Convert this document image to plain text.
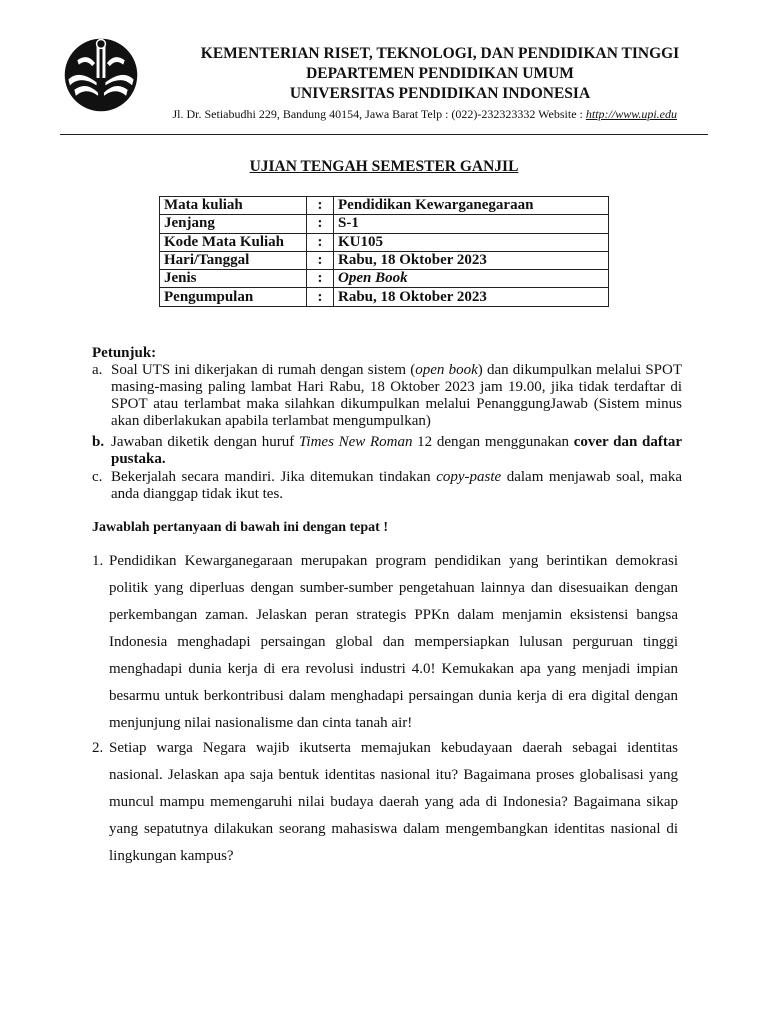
KEMENTERIAN RISET, TEKNOLOGI, DAN PENDIDIKAN TINGGI
DEPARTEMEN PENDIDIKAN UMUM
UNIVERSITAS PENDIDIKAN INDONESIA
Jl. Dr. Setiabudhi 229, Bandung 40154, Jawa Barat Telp : (022)-232323332 Website : http://www.upi.edu
UJIAN TENGAH SEMESTER GANJIL
Mata kuliah	:	Pendidikan Kewarganegaraan
Jenjang	:	S-1
Kode Mata Kuliah	:	KU105
Hari/Tanggal	:	Rabu, 18 Oktober 2023
Jenis	:	Open Book
Pengumpulan	:	Rabu, 18 Oktober 2023
Petunjuk:
a. Soal UTS ini dikerjakan di rumah dengan sistem (open book) dan dikumpulkan melalui SPOT masing-masing paling lambat Hari Rabu, 18 Oktober 2023 jam 19.00, jika tidak terdaftar di SPOT atau terlambat maka silahkan dikumpulkan melalui PenanggungJawab (Sistem minus akan diberlakukan apabila terlambat mengumpulkan)
b. Jawaban diketik dengan huruf Times New Roman 12 dengan menggunakan cover dan daftar pustaka.
c. Bekerjalah secara mandiri. Jika ditemukan tindakan copy-paste dalam menjawab soal, maka anda dianggap tidak ikut tes.
Jawablah pertanyaan di bawah ini dengan tepat !
1. Pendidikan Kewarganegaraan merupakan program pendidikan yang berintikan demokrasi politik yang diperluas dengan sumber-sumber pengetahuan lainnya dan disesuaikan dengan perkembangan zaman. Jelaskan peran strategis PPKn dalam menjamin eksistensi bangsa Indonesia menghadapi persaingan global dan mempersiapkan lulusan perguruan tinggi menghadapi dunia kerja di era revolusi industri 4.0! Kemukakan apa yang menjadi impian besarmu untuk berkontribusi dalam menghadapi persaingan dunia kerja di era digital dengan menjunjung nilai nasionalisme dan cinta tanah air!
2. Setiap warga Negara wajib ikutserta memajukan kebudayaan daerah sebagai identitas nasional. Jelaskan apa saja bentuk identitas nasional itu? Bagaimana proses globalisasi yang muncul mampu memengaruhi nilai budaya daerah yang ada di Indonesia? Bagaimana sikap yang sepatutnya dilakukan seorang mahasiswa dalam mengembangkan identitas nasional di lingkungan kampus?
